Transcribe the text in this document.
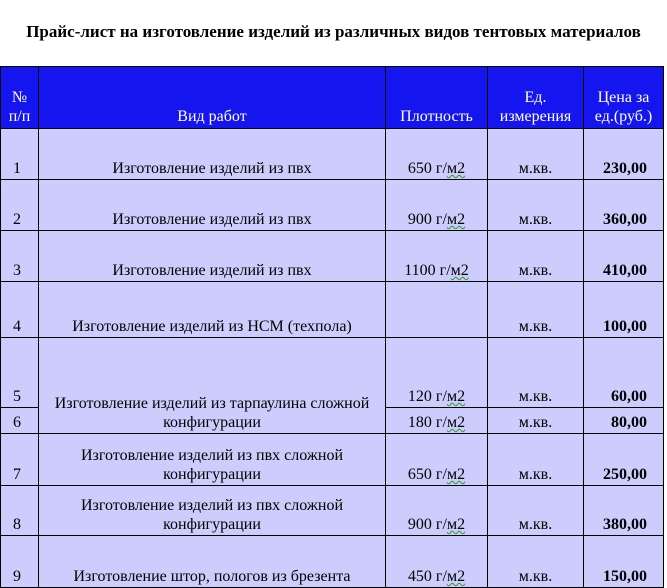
Прайс-лист на изготовление изделий из различных видов тентовых материалов
№ п/п	Вид работ	Плотность	Ед. измерения	Цена за ед.(руб.)
1	Изготовление изделий из пвх	650 г/м2	м.кв.	230,00
2	Изготовление изделий из пвх	900 г/м2	м.кв.	360,00
3	Изготовление изделий из пвх	1100 г/м2	м.кв.	410,00
4	Изготовление изделий из НСМ (техпола)		м.кв.	100,00
5	Изготовление изделий из тарпаулина сложной конфигурации	120 г/м2	м.кв.	60,00
6		180 г/м2	м.кв.	80,00
7	Изготовление изделий из пвх сложной конфигурации	650 г/м2	м.кв.	250,00
8	Изготовление изделий из пвх сложной конфигурации	900 г/м2	м.кв.	380,00
9	Изготовление штор, пологов из брезента	450 г/м2	м.кв.	150,00
